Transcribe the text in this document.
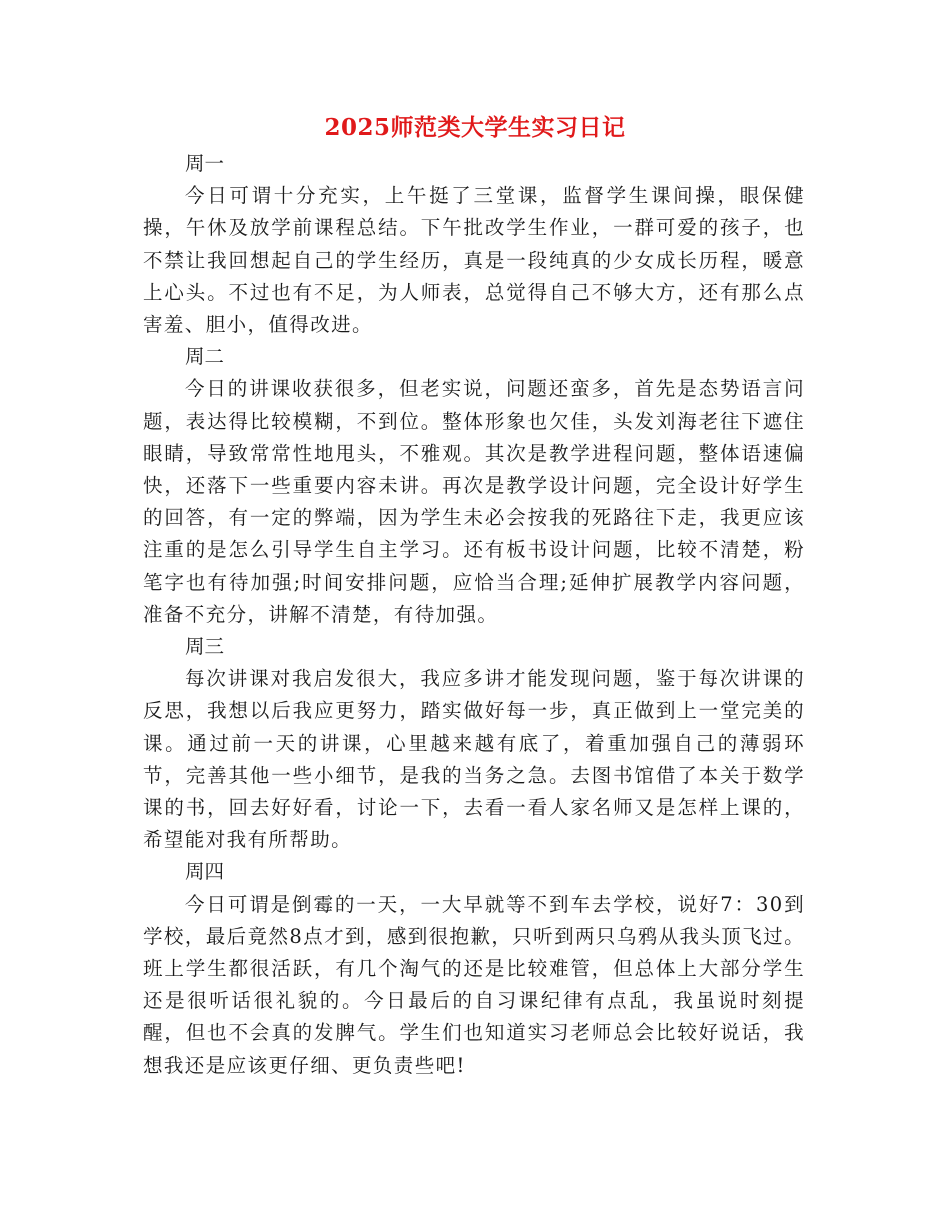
2025师范类大学生实习日记

周一

今日可谓十分充实，上午挺了三堂课，监督学生课间操，眼保健操，午休及放学前课程总结。下午批改学生作业，一群可爱的孩子，也不禁让我回想起自己的学生经历，真是一段纯真的少女成长历程，暖意上心头。不过也有不足，为人师表，总觉得自己不够大方，还有那么点害羞、胆小，值得改进。

周二

今日的讲课收获很多，但老实说，问题还蛮多，首先是态势语言问题，表达得比较模糊，不到位。整体形象也欠佳，头发刘海老往下遮住眼睛，导致常常性地甩头，不雅观。其次是教学进程问题，整体语速偏快，还落下一些重要内容未讲。再次是教学设计问题，完全设计好学生的回答，有一定的弊端，因为学生未必会按我的死路往下走，我更应该注重的是怎么引导学生自主学习。还有板书设计问题，比较不清楚，粉笔字也有待加强;时间安排问题，应恰当合理;延伸扩展教学内容问题，准备不充分，讲解不清楚，有待加强。

周三

每次讲课对我启发很大，我应多讲才能发现问题，鉴于每次讲课的反思，我想以后我应更努力，踏实做好每一步，真正做到上一堂完美的课。通过前一天的讲课，心里越来越有底了，着重加强自己的薄弱环节，完善其他一些小细节，是我的当务之急。去图书馆借了本关于数学课的书，回去好好看，讨论一下，去看一看人家名师又是怎样上课的，希望能对我有所帮助。

周四

今日可谓是倒霉的一天，一大早就等不到车去学校，说好7：30到学校，最后竟然8点才到，感到很抱歉，只听到两只乌鸦从我头顶飞过。班上学生都很活跃，有几个淘气的还是比较难管，但总体上大部分学生还是很听话很礼貌的。今日最后的自习课纪律有点乱，我虽说时刻提醒，但也不会真的发脾气。学生们也知道实习老师总会比较好说话，我想我还是应该更仔细、更负责些吧!
